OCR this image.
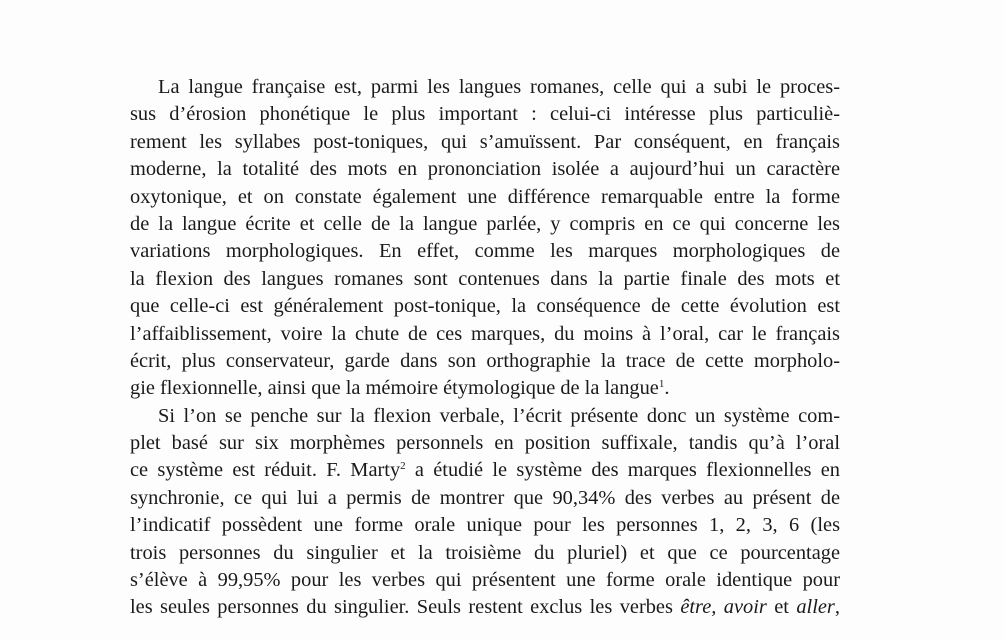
La langue française est, parmi les langues romanes, celle qui a subi le proces-
sus d’érosion phonétique le plus important : celui-ci intéresse plus particuliè-
rement les syllabes post-toniques, qui s’amuïssent. Par conséquent, en français
moderne, la totalité des mots en prononciation isolée a aujourd’hui un caractère
oxytonique, et on constate également une différence remarquable entre la forme
de la langue écrite et celle de la langue parlée, y compris en ce qui concerne les
variations morphologiques. En effet, comme les marques morphologiques de
la flexion des langues romanes sont contenues dans la partie finale des mots et
que celle-ci est généralement post-tonique, la conséquence de cette évolution est
l’affaiblissement, voire la chute de ces marques, du moins à l’oral, car le français
écrit, plus conservateur, garde dans son orthographie la trace de cette morpholo-
gie flexionnelle, ainsi que la mémoire étymologique de la langue$^1$.
Si l’on se penche sur la flexion verbale, l’écrit présente donc un système com-
plet basé sur six morphèmes personnels en position suffixale, tandis qu’à l’oral
ce système est réduit. F. Marty$^2$ a étudié le système des marques flexionnelles en
synchronie, ce qui lui a permis de montrer que 90,34% des verbes au présent de
l’indicatif possèdent une forme orale unique pour les personnes 1, 2, 3, 6 (les
trois personnes du singulier et la troisième du pluriel) et que ce pourcentage
s’élève à 99,95% pour les verbes qui présentent une forme orale identique pour
les seules personnes du singulier. Seuls restent exclus les verbes être, avoir et aller,
